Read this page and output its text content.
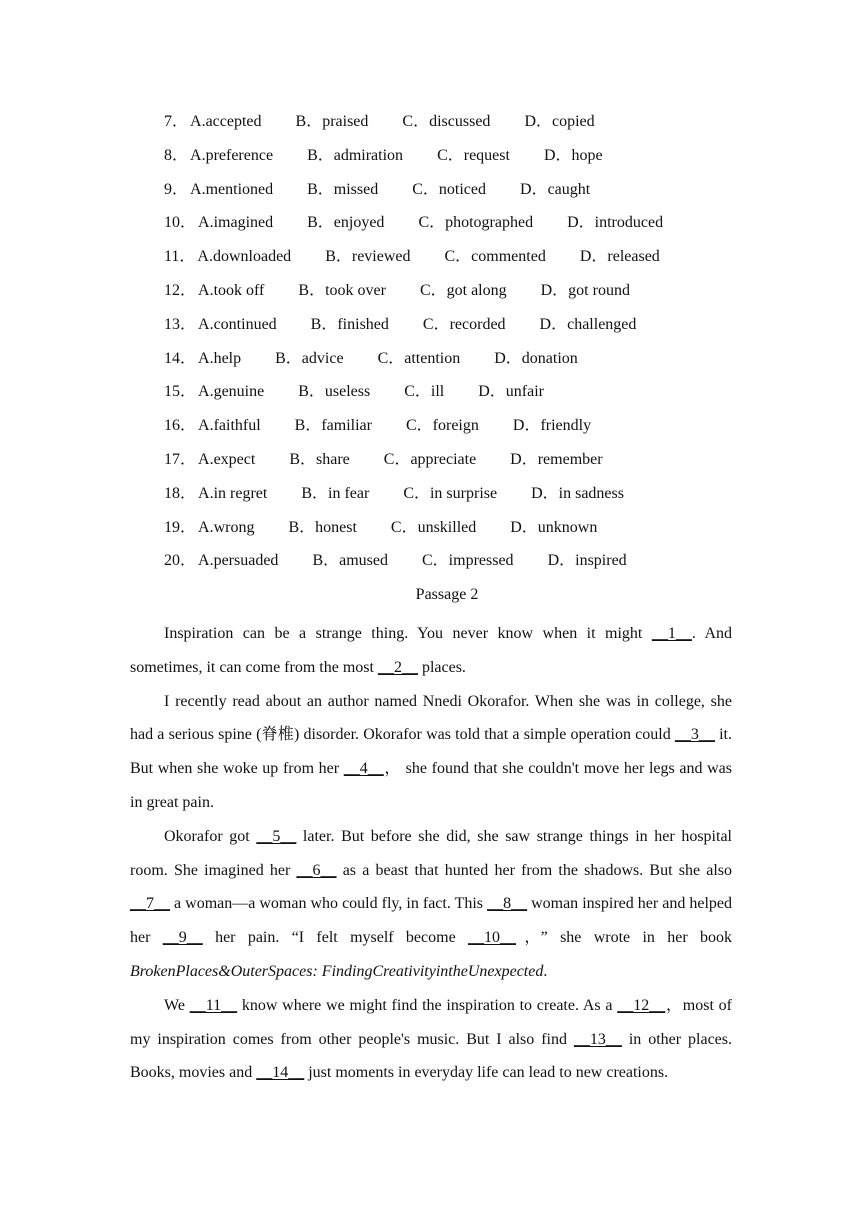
7． A.accepted B．praised C．discussed D．copied
8． A.preference B．admiration C．request D．hope
9． A.mentioned B．missed C．noticed D．caught
10． A.imagined B．enjoyed C．photographed D．introduced
11． A.downloaded B．reviewed C．commented D．released
12． A.took off B．took over C．got along D．got round
13． A.continued B．finished C．recorded D．challenged
14． A.help B．advice C．attention D．donation
15． A.genuine B．useless C．ill D．unfair
16． A.faithful B．familiar C．foreign D．friendly
17． A.expect B．share C．appreciate D．remember
18． A.in regret B．in fear C．in surprise D．in sadness
19． A.wrong B．honest C．unskilled D．unknown
20． A.persuaded B．amused C．impressed D．inspired
Passage 2

Inspiration can be a strange thing. You never know when it might __1__. And sometimes, it can come from the most __2__ places.

I recently read about an author named Nnedi Okorafor. When she was in college, she had a serious spine (脊椎) disorder. Okorafor was told that a simple operation could __3__ it. But when she woke up from her __4__， she found that she couldn't move her legs and was in great pain.

Okorafor got __5__ later. But before she did, she saw strange things in her hospital room. She imagined her __6__ as a beast that hunted her from the shadows. But she also __7__ a woman—a woman who could fly, in fact. This __8__ woman inspired her and helped her __9__ her pain. “I felt myself become __10__，” she wrote in her book BrokenPlaces&OuterSpaces: FindingCreativityintheUnexpected.

We __11__ know where we might find the inspiration to create. As a __12__，most of my inspiration comes from other people's music. But I also find __13__ in other places. Books, movies and __14__ just moments in everyday life can lead to new creations.
